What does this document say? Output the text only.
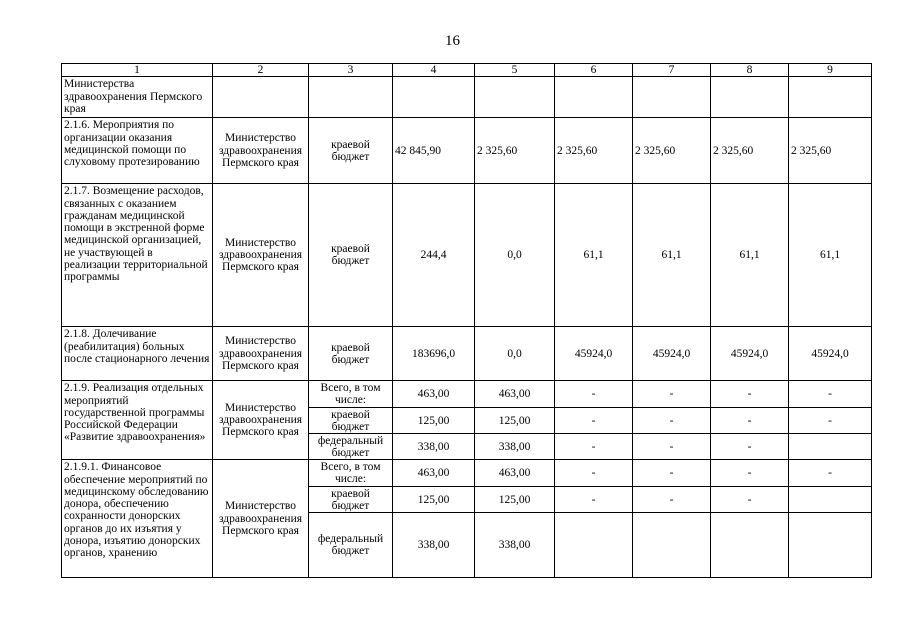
16
1	2	3	4	5	6	7	8	9
Министерства здравоохранения Пермского края								
2.1.6. Мероприятия по организации оказания медицинской помощи по слуховому протезированию	Министерство здравоохранения Пермского края	краевой бюджет	42 845,90	2 325,60	2 325,60	2 325,60	2 325,60	2 325,60
2.1.7. Возмещение расходов, связанных с оказанием гражданам медицинской помощи в экстренной форме медицинской организацией, не участвующей в реализации территориальной программы	Министерство здравоохранения Пермского края	краевой бюджет	244,4	0,0	61,1	61,1	61,1	61,1
2.1.8. Долечивание (реабилитация) больных после стационарного лечения	Министерство здравоохранения Пермского края	краевой бюджет	183696,0	0,0	45924,0	45924,0	45924,0	45924,0
2.1.9. Реализация отдельных мероприятий государственной программы Российской Федерации «Развитие здравоохранения»	Министерство здравоохранения Пермского края	Всего, в том числе:	463,00	463,00	-	-	-	-
		краевой бюджет	125,00	125,00	-	-	-	-
		федеральный бюджет	338,00	338,00	-	-	-	
2.1.9.1. Финансовое обеспечение мероприятий по медицинскому обследованию донора, обеспечению сохранности донорских органов до их изъятия у донора, изъятию донорских органов, хранению	Министерство здравоохранения Пермского края	Всего, в том числе:	463,00	463,00	-	-	-	-
		краевой бюджет	125,00	125,00	-	-	-	
		федеральный бюджет	338,00	338,00				
